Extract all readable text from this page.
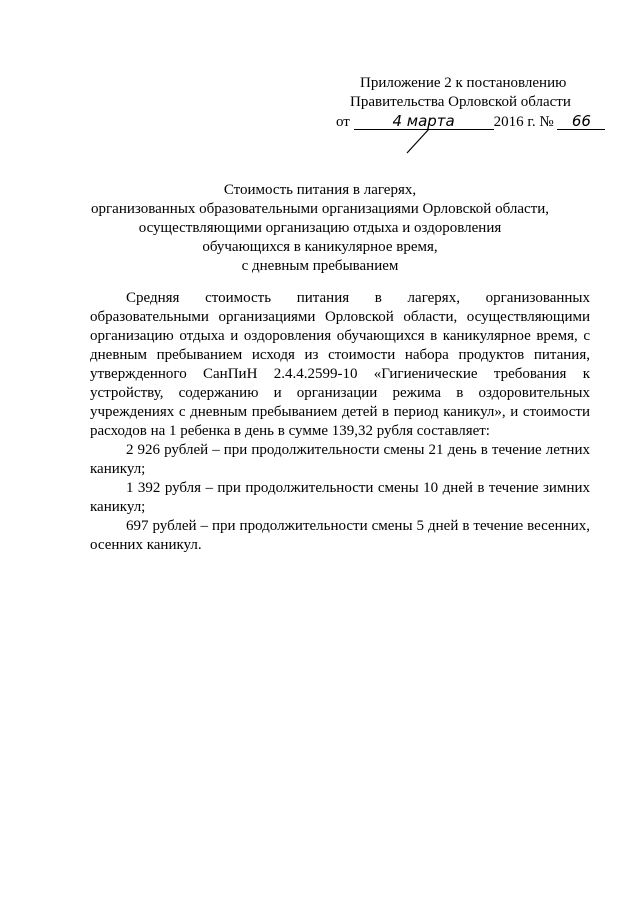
Приложение 2 к постановлению
Правительства Орловской области
от	4 марта	2016 г. № 66
Стоимость питания в лагерях,
организованных образовательными организациями Орловской области,
осуществляющими организацию отдыха и оздоровления
обучающихся в каникулярное время,
с дневным пребыванием

Средняя стоимость питания в лагерях, организованных образовательными организациями Орловской области, осуществляющими организацию отдыха и оздоровления обучающихся в каникулярное время, с дневным пребыванием исходя из стоимости набора продуктов питания, утвержденного СанПиН 2.4.4.2599-10 «Гигиенические требования к устройству, содержанию и организации режима в оздоровительных учреждениях с дневным пребыванием детей в период каникул», и стоимости расходов на 1 ребенка в день в сумме 139,32 рубля составляет:

2 926 рублей – при продолжительности смены 21 день в течение летних каникул;

1 392 рубля – при продолжительности смены 10 дней в течение зимних каникул;

697 рублей – при продолжительности смены 5 дней в течение весенних, осенних каникул.
